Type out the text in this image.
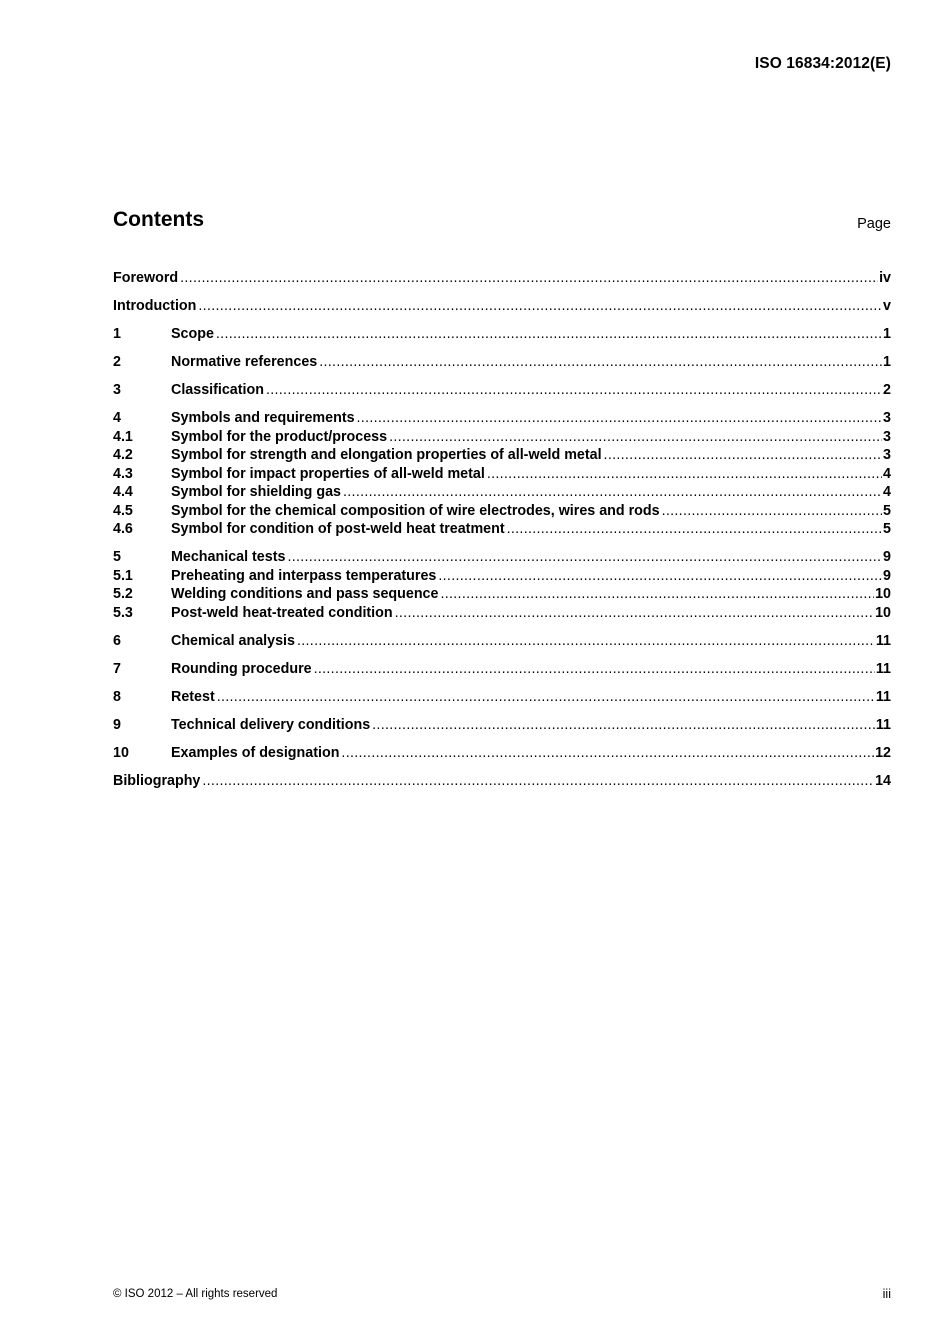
ISO 16834:2012(E)
Contents	Page
Foreword .....	iv
Introduction .....	v
1	Scope .....	1
2	Normative references .....	1
3	Classification .....	2
4	Symbols and requirements .....	3
4.1	Symbol for the product/process .....	3
4.2	Symbol for strength and elongation properties of all-weld metal .....	3
4.3	Symbol for impact properties of all-weld metal .....	4
4.4	Symbol for shielding gas .....	4
4.5	Symbol for the chemical composition of wire electrodes, wires and rods .....	5
4.6	Symbol for condition of post-weld heat treatment .....	5
5	Mechanical tests .....	9
5.1	Preheating and interpass temperatures .....	9
5.2	Welding conditions and pass sequence .....	10
5.3	Post-weld heat-treated condition .....	10
6	Chemical analysis .....	11
7	Rounding procedure .....	11
8	Retest .....	11
9	Technical delivery conditions .....	11
10	Examples of designation .....	12
Bibliography .....	14
© ISO 2012 – All rights reserved	iii
